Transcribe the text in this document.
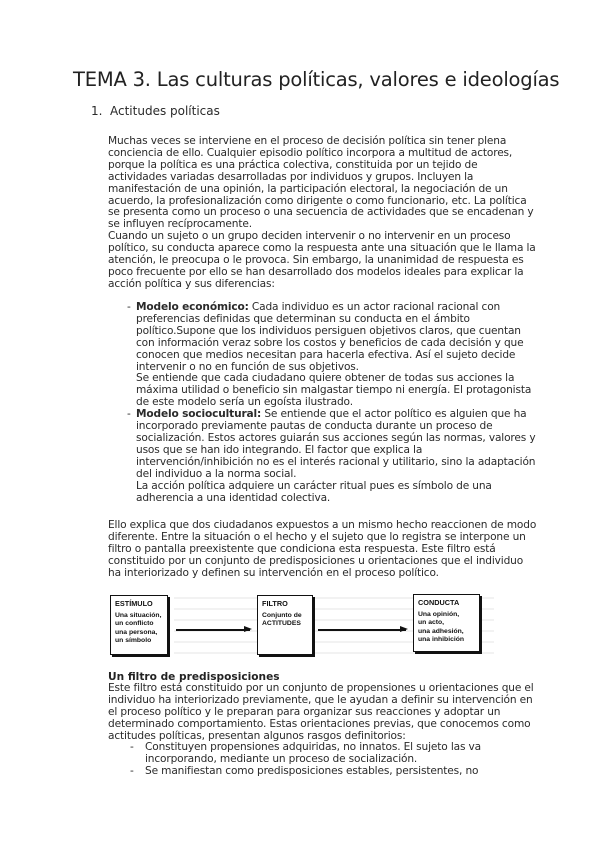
TEMA 3. Las culturas políticas, valores e ideologías
1. Actitudes políticas
Muchas veces se interviene en el proceso de decisión política sin tener plena conciencia de ello. Cualquier episodio político incorpora a multitud de actores, porque la política es una práctica colectiva, constituida por un tejido de actividades variadas desarrolladas por individuos y grupos. Incluyen la manifestación de una opinión, la participación electoral, la negociación de un acuerdo, la profesionalización como dirigente o como funcionario, etc. La política se presenta como un proceso o una secuencia de actividades que se encadenan y se influyen recíprocamente.
Cuando un sujeto o un grupo deciden intervenir o no intervenir en un proceso político, su conducta aparece como la respuesta ante una situación que le llama la atención, le preocupa o le provoca. Sin embargo, la unanimidad de respuesta es poco frecuente por ello se han desarrollado dos modelos ideales para explicar la acción política y sus diferencias:
- Modelo económico: Cada individuo es un actor racional racional con preferencias definidas que determinan su conducta en el ámbito político.Supone que los individuos persiguen objetivos claros, que cuentan con información veraz sobre los costos y beneficios de cada decisión y que conocen que medios necesitan para hacerla efectiva. Así el sujeto decide intervenir o no en función de sus objetivos.
Se entiende que cada ciudadano quiere obtener de todas sus acciones la máxima utilidad o beneficio sin malgastar tiempo ni energía. El protagonista de este modelo sería un egoísta ilustrado.
- Modelo sociocultural: Se entiende que el actor político es alguien que ha incorporado previamente pautas de conducta durante un proceso de socialización. Estos actores guiarán sus acciones según las normas, valores y usos que se han ido integrando. El factor que explica la intervención/inhibición no es el interés racional y utilitario, sino la adaptación del individuo a la norma social.
La acción política adquiere un carácter ritual pues es símbolo de una adherencia a una identidad colectiva.
Ello explica que dos ciudadanos expuestos a un mismo hecho reaccionen de modo diferente. Entre la situación o el hecho y el sujeto que lo registra se interpone un filtro o pantalla preexistente que condiciona esta respuesta. Este filtro está constituido por un conjunto de predisposiciones u orientaciones que el individuo ha interiorizado y definen su intervención en el proceso político.
ESTÍMULO
Una situación,
un conflicto
una persona,
un símbolo
FILTRO
Conjunto de
ACTITUDES
CONDUCTA
Una opinión,
un acto,
una adhesión,
una inhibición
Un filtro de predisposiciones
Este filtro está constituido por un conjunto de propensiones u orientaciones que el individuo ha interiorizado previamente, que le ayudan a definir su intervención en el proceso político y le preparan para organizar sus reacciones y adoptar un determinado comportamiento. Estas orientaciones previas, que conocemos como actitudes políticas, presentan algunos rasgos definitorios:
-	Constituyen propensiones adquiridas, no innatos. El sujeto las va incorporando, mediante un proceso de socialización.
-	Se manifiestan como predisposiciones estables, persistentes, no
